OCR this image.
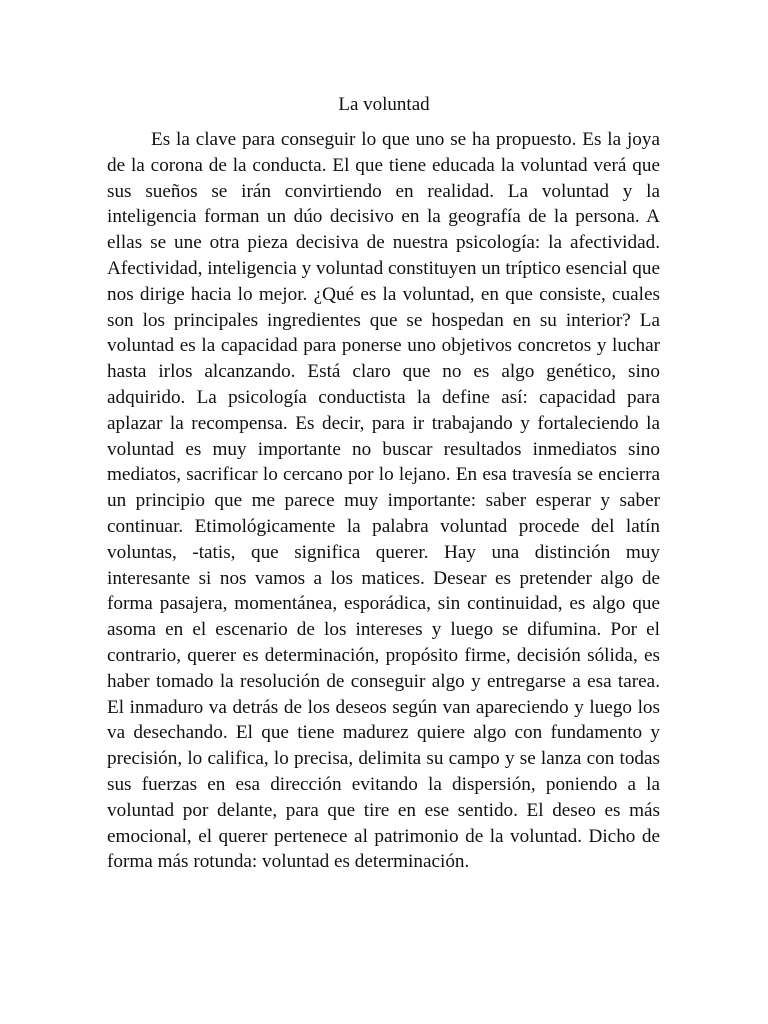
La voluntad

Es la clave para conseguir lo que uno se ha propuesto. Es la joya de la corona de la conducta. El que tiene educada la voluntad verá que sus sueños se irán convirtiendo en realidad. La voluntad y la inteligencia forman un dúo decisivo en la geografía de la persona. A ellas se une otra pieza decisiva de nuestra psicología: la afectividad. Afectividad, inteligencia y voluntad constituyen un tríptico esencial que nos dirige hacia lo mejor. ¿Qué es la voluntad, en que consiste, cuales son los principales ingredientes que se hospedan en su interior? La voluntad es la capacidad para ponerse uno objetivos concretos y luchar hasta irlos alcanzando. Está claro que no es algo genético, sino adquirido. La psicología conductista la define así: capacidad para aplazar la recompensa. Es decir, para ir trabajando y fortaleciendo la voluntad es muy importante no buscar resultados inmediatos sino mediatos, sacrificar lo cercano por lo lejano. En esa travesía se encierra un principio que me parece muy importante: saber esperar y saber continuar. Etimológicamente la palabra voluntad procede del latín voluntas, -tatis, que significa querer. Hay una distinción muy interesante si nos vamos a los matices. Desear es pretender algo de forma pasajera, momentánea, esporádica, sin continuidad, es algo que asoma en el escenario de los intereses y luego se difumina. Por el contrario, querer es determinación, propósito firme, decisión sólida, es haber tomado la resolución de conseguir algo y entregarse a esa tarea. El inmaduro va detrás de los deseos según van apareciendo y luego los va desechando. El que tiene madurez quiere algo con fundamento y precisión, lo califica, lo precisa, delimita su campo y se lanza con todas sus fuerzas en esa dirección evitando la dispersión, poniendo a la voluntad por delante, para que tire en ese sentido. El deseo es más emocional, el querer pertenece al patrimonio de la voluntad. Dicho de forma más rotunda: voluntad es determinación.
